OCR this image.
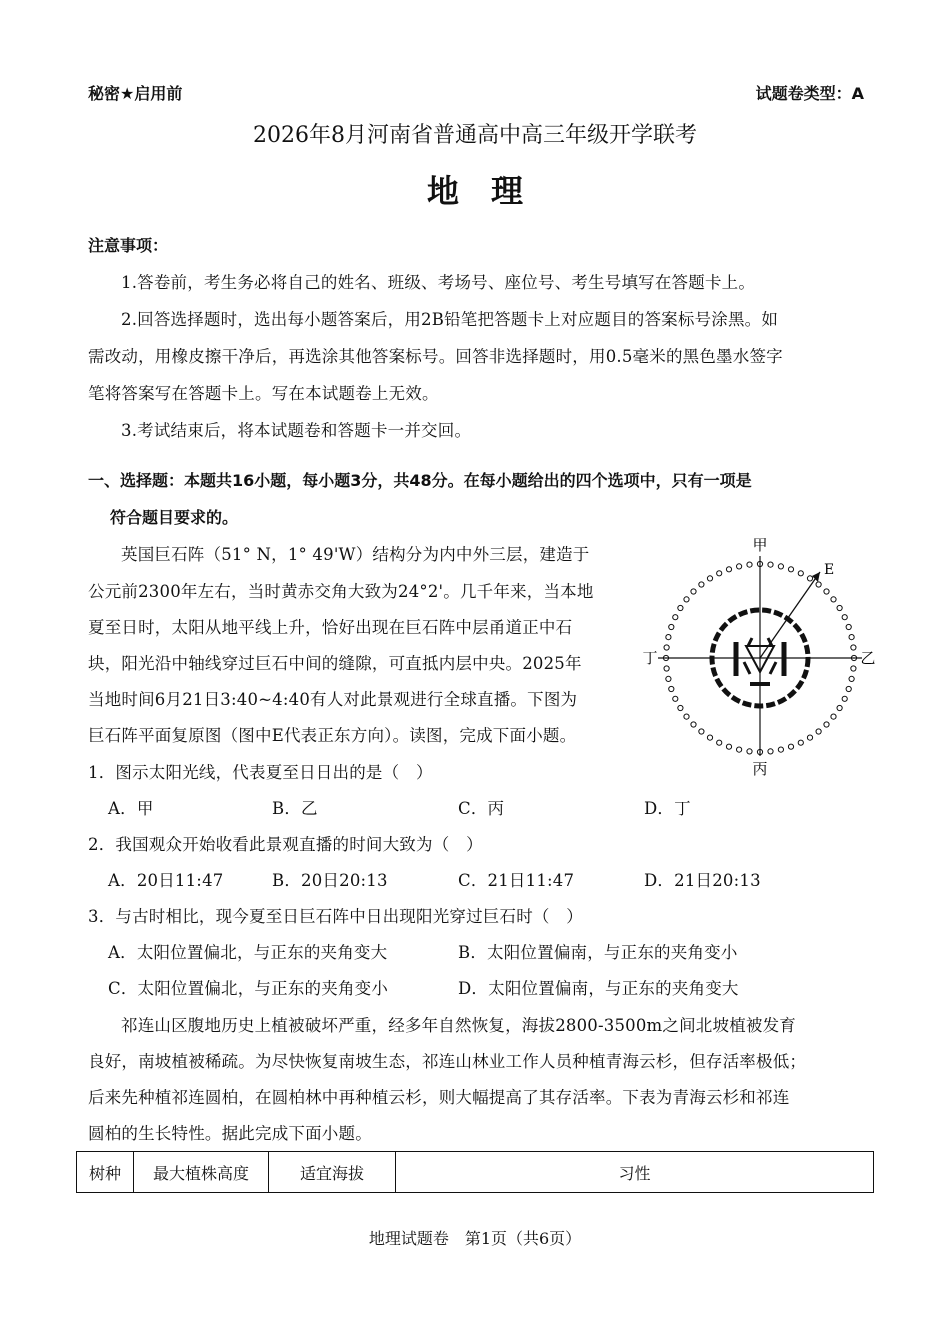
秘密★启用前	试题卷类型：A
2026年8月河南省普通高中高三年级开学联考
地　理
注意事项：
1.答卷前，考生务必将自己的姓名、班级、考场号、座位号、考生号填写在答题卡上。
2.回答选择题时，选出每小题答案后，用2B铅笔把答题卡上对应题目的答案标号涂黑。如
需改动，用橡皮擦干净后，再选涂其他答案标号。回答非选择题时，用0.5毫米的黑色墨水签字
笔将答案写在答题卡上。写在本试题卷上无效。
3.考试结束后，将本试题卷和答题卡一并交回。
一、选择题：本题共16小题，每小题3分，共48分。在每小题给出的四个选项中，只有一项是
符合题目要求的。
英国巨石阵（51° N，1° 49'W）结构分为内中外三层，建造于
公元前2300年左右，当时黄赤交角大致为24°2'。几千年来，当本地
夏至日时，太阳从地平线上升，恰好出现在巨石阵中层甬道正中石
块，阳光沿中轴线穿过巨石中间的缝隙，可直抵内层中央。2025年
当地时间6月21日3:40~4:40有人对此景观进行全球直播。下图为
巨石阵平面复原图（图中E代表正东方向）。读图，完成下面小题。
甲
乙
丙
丁
E
1．图示太阳光线，代表夏至日日出的是（　）
A．甲	B．乙	C．丙	D．丁
2．我国观众开始收看此景观直播的时间大致为（　）
A．20日11:47	B．20日20:13	C．21日11:47	D．21日20:13
3．与古时相比，现今夏至日巨石阵中日出现阳光穿过巨石时（　）
A．太阳位置偏北，与正东的夹角变大	B．太阳位置偏南，与正东的夹角变小
C．太阳位置偏北，与正东的夹角变小	D．太阳位置偏南，与正东的夹角变大
祁连山区腹地历史上植被破坏严重，经多年自然恢复，海拔2800-3500m之间北坡植被发育
良好，南坡植被稀疏。为尽快恢复南坡生态，祁连山林业工作人员种植青海云杉，但存活率极低；
后来先种植祁连圆柏，在圆柏林中再种植云杉，则大幅提高了其存活率。下表为青海云杉和祁连
圆柏的生长特性。据此完成下面小题。
树种	最大植株高度	适宜海拔	习性
地理试题卷　第1页（共6页）
